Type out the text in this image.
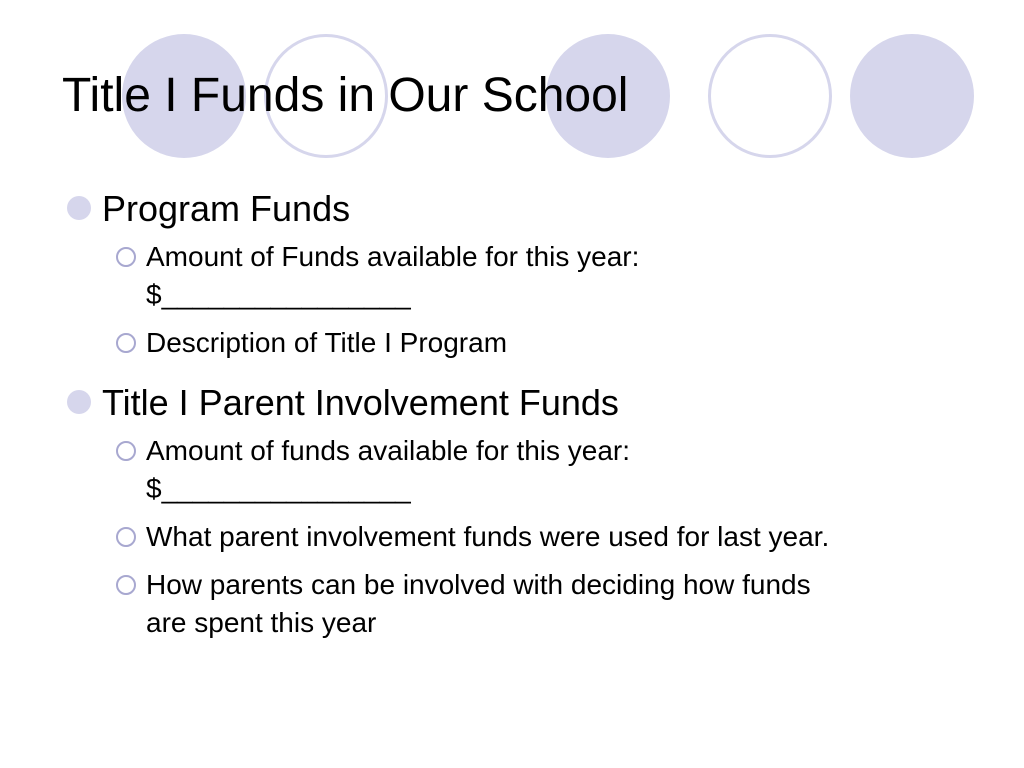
Title I Funds in Our School
Program Funds
Amount of Funds available for this year:
$________________
Description of Title I Program
Title I Parent Involvement Funds
Amount of funds available for this year:
$________________
What parent involvement funds were used for last year.
How parents can be involved with deciding how funds
are spent this year
